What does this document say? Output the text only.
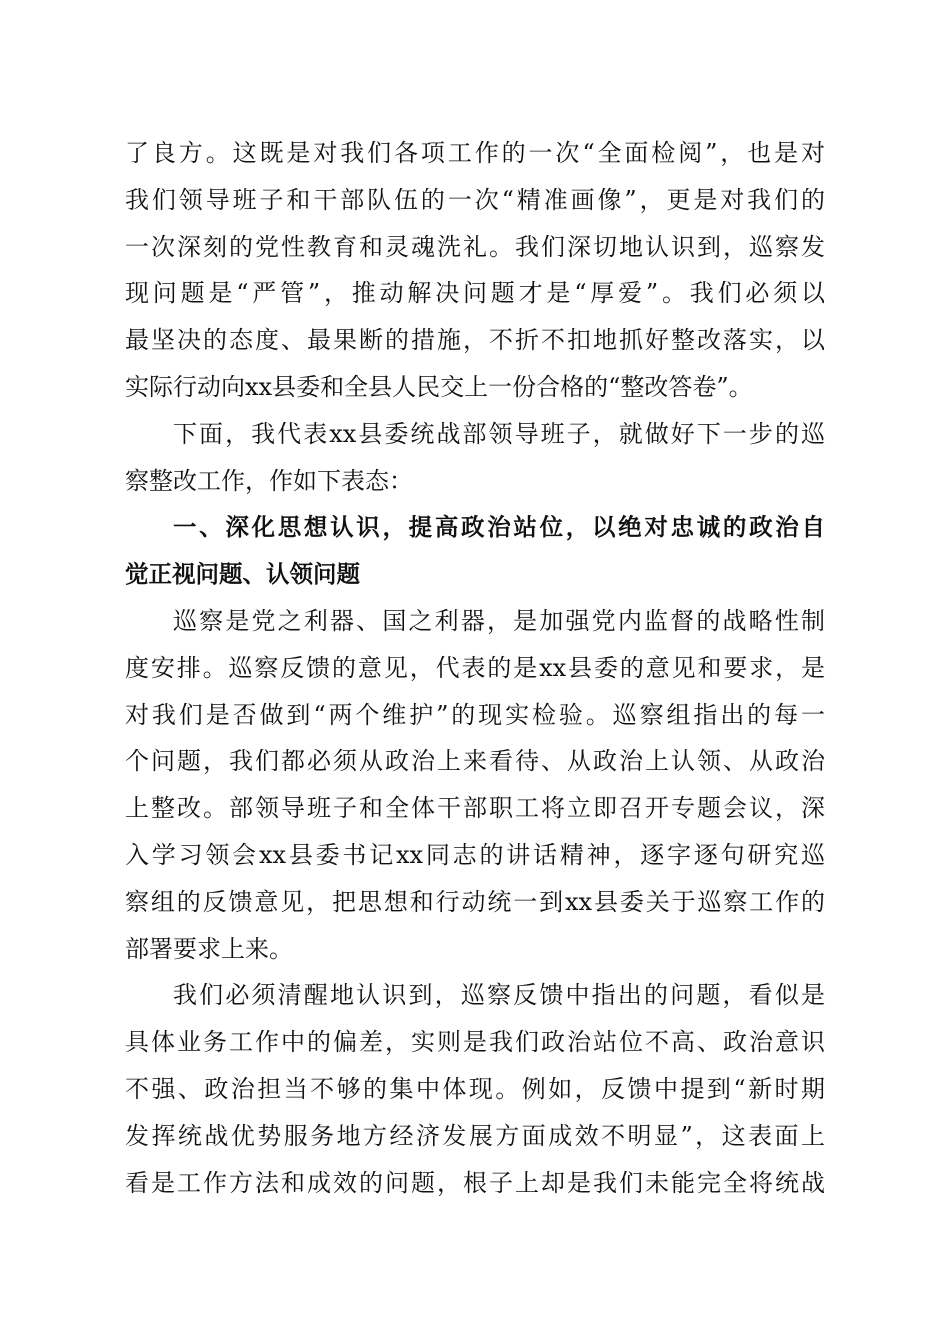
了良方。这既是对我们各项工作的一次“全面检阅”，也是对
我们领导班子和干部队伍的一次“精准画像”，更是对我们的
一次深刻的党性教育和灵魂洗礼。我们深切地认识到，巡察发
现问题是“严管”，推动解决问题才是“厚爱”。我们必须以
最坚决的态度、最果断的措施，不折不扣地抓好整改落实，以
实际行动向xx县委和全县人民交上一份合格的“整改答卷”。
下面，我代表xx县委统战部领导班子，就做好下一步的巡
察整改工作，作如下表态：
一、深化思想认识，提高政治站位，以绝对忠诚的政治自
觉正视问题、认领问题
巡察是党之利器、国之利器，是加强党内监督的战略性制
度安排。巡察反馈的意见，代表的是xx县委的意见和要求，是
对我们是否做到“两个维护”的现实检验。巡察组指出的每一
个问题，我们都必须从政治上来看待、从政治上认领、从政治
上整改。部领导班子和全体干部职工将立即召开专题会议，深
入学习领会xx县委书记xx同志的讲话精神，逐字逐句研究巡
察组的反馈意见，把思想和行动统一到xx县委关于巡察工作的
部署要求上来。
我们必须清醒地认识到，巡察反馈中指出的问题，看似是
具体业务工作中的偏差，实则是我们政治站位不高、政治意识
不强、政治担当不够的集中体现。例如，反馈中提到“新时期
发挥统战优势服务地方经济发展方面成效不明显”，这表面上
看是工作方法和成效的问题，根子上却是我们未能完全将统战
